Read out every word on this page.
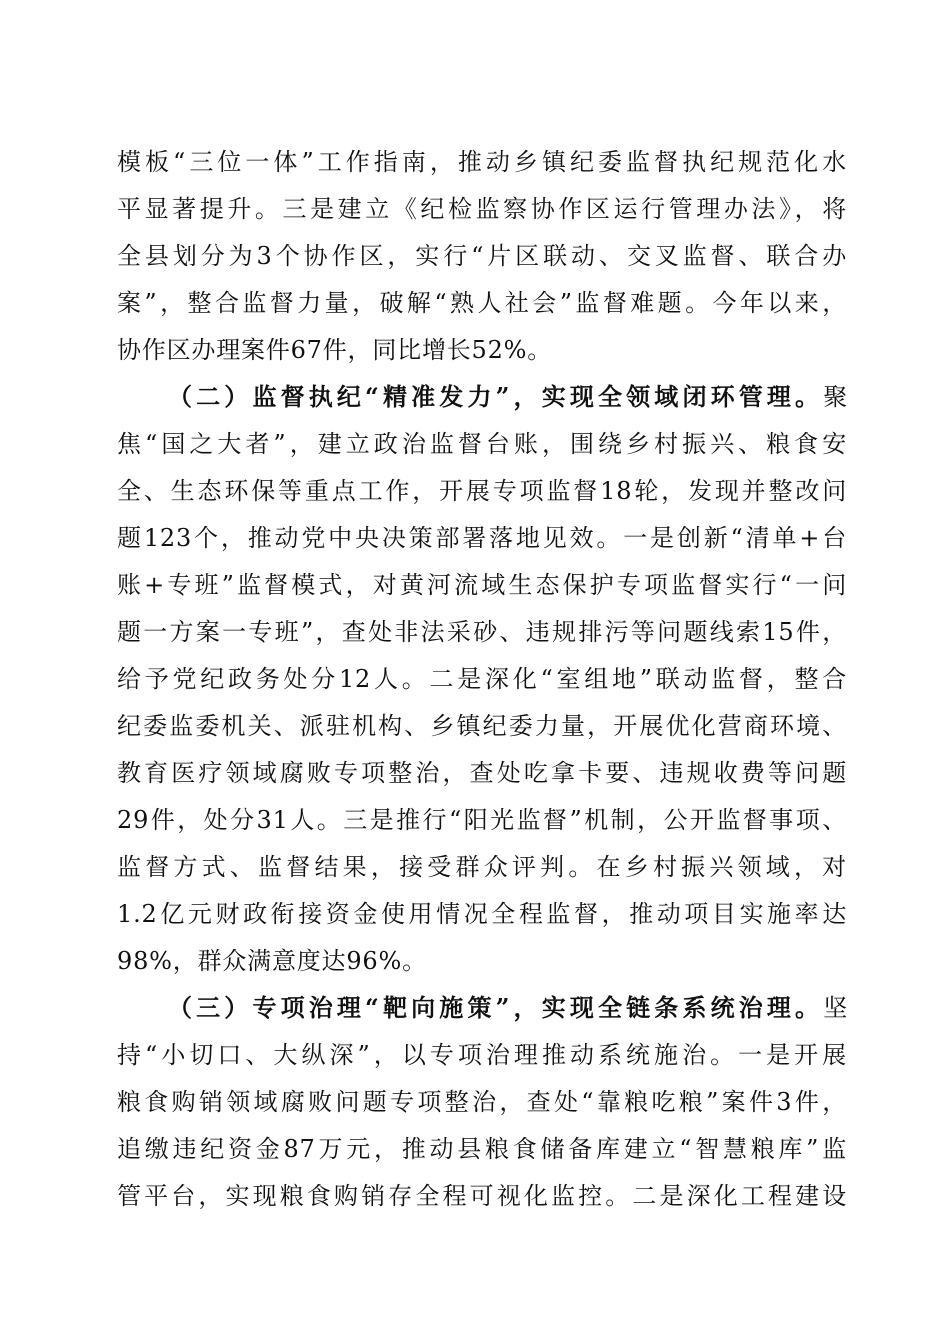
模板“三位一体”工作指南，推动乡镇纪委监督执纪规范化水
平显著提升。三是建立《纪检监察协作区运行管理办法》，将
全县划分为3个协作区，实行“片区联动、交叉监督、联合办
案”，整合监督力量，破解“熟人社会”监督难题。今年以来，
协作区办理案件67件，同比增长52%。
（二）监督执纪“精准发力”，实现全领域闭环管理。聚
焦“国之大者”，建立政治监督台账，围绕乡村振兴、粮食安
全、生态环保等重点工作，开展专项监督18轮，发现并整改问
题123个，推动党中央决策部署落地见效。一是创新“清单+台
账+专班”监督模式，对黄河流域生态保护专项监督实行“一问
题一方案一专班”，查处非法采砂、违规排污等问题线索15件，
给予党纪政务处分12人。二是深化“室组地”联动监督，整合
纪委监委机关、派驻机构、乡镇纪委力量，开展优化营商环境、
教育医疗领域腐败专项整治，查处吃拿卡要、违规收费等问题
29件，处分31人。三是推行“阳光监督”机制，公开监督事项、
监督方式、监督结果，接受群众评判。在乡村振兴领域，对
1.2亿元财政衔接资金使用情况全程监督，推动项目实施率达
98%，群众满意度达96%。
（三）专项治理“靶向施策”，实现全链条系统治理。坚
持“小切口、大纵深”，以专项治理推动系统施治。一是开展
粮食购销领域腐败问题专项整治，查处“靠粮吃粮”案件3件，
追缴违纪资金87万元，推动县粮食储备库建立“智慧粮库”监
管平台，实现粮食购销存全程可视化监控。二是深化工程建设
